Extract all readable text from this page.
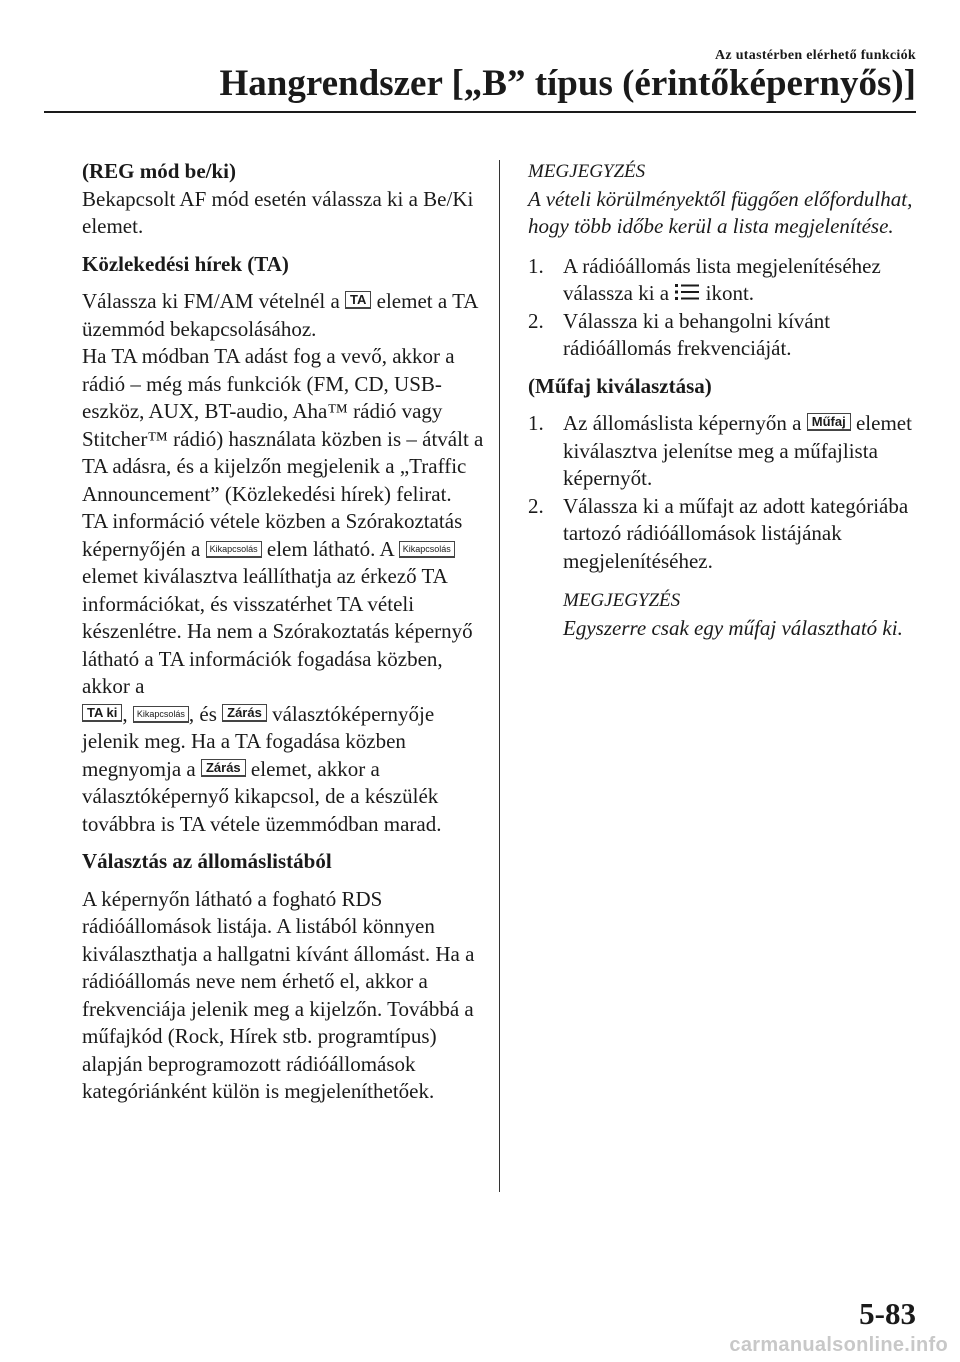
Az utastérben elérhető funkciók
Hangrendszer [„B” típus (érintőképernyős)]
(REG mód be/ki)

Bekapcsolt AF mód esetén válassza ki a Be/Ki elemet.

Közlekedési hírek (TA)

Válassza ki FM/AM vételnél a TA elemet a TA üzemmód bekapcsolásához.

Ha TA módban TA adást fog a vevő, akkor a rádió – még más funkciók (FM, CD, USB-eszköz, AUX, BT-audio, Aha™ rádió vagy Stitcher™ rádió) használata közben is – átvált a TA adásra, és a kijelzőn megjelenik a „Traffic Announcement” (Közlekedési hírek) felirat.

TA információ vétele közben a Szórakoztatás képernyőjén a Kikapcsolás elem látható. A Kikapcsolás elemet kiválasztva leállíthatja az érkező TA információkat, és visszatérhet TA vételi készenlétre. Ha nem a Szórakoztatás képernyő látható a TA információk fogadása közben, akkor a
TA ki , Kikapcsolás , és Zárás választóképernyője jelenik meg. Ha a TA fogadása közben megnyomja a Zárás elemet, akkor a választóképernyő kikapcsol, de a készülék továbbra is TA vétele üzemmódban marad.

Választás az állomáslistából

A képernyőn látható a fogható RDS rádióállomások listája. A listából könnyen kiválaszthatja a hallgatni kívánt állomást. Ha a rádióállomás neve nem érhető el, akkor a frekvenciája jelenik meg a kijelzőn. Továbbá a műfajkód (Rock, Hírek stb. programtípus) alapján beprogramozott rádióállomások kategóriánként külön is megjeleníthetőek.

MEGJEGYZÉS

A vételi körülményektől függően előfordulhat, hogy több időbe kerül a lista megjelenítése.

1. A rádióállomás lista megjelenítéséhez válassza ki a ikont.
2. Válassza ki a behangolni kívánt rádióállomás frekvenciáját.
(Műfaj kiválasztása)
1. Az állomáslista képernyőn a Műfaj elemet kiválasztva jelenítse meg a műfajlista képernyőt.
2. Válassza ki a műfajt az adott kategóriába tartozó rádióállomások listájának megjelenítéséhez.

MEGJEGYZÉS

Egyszerre csak egy műfaj választható ki.

5-83
carmanualsonline.info
